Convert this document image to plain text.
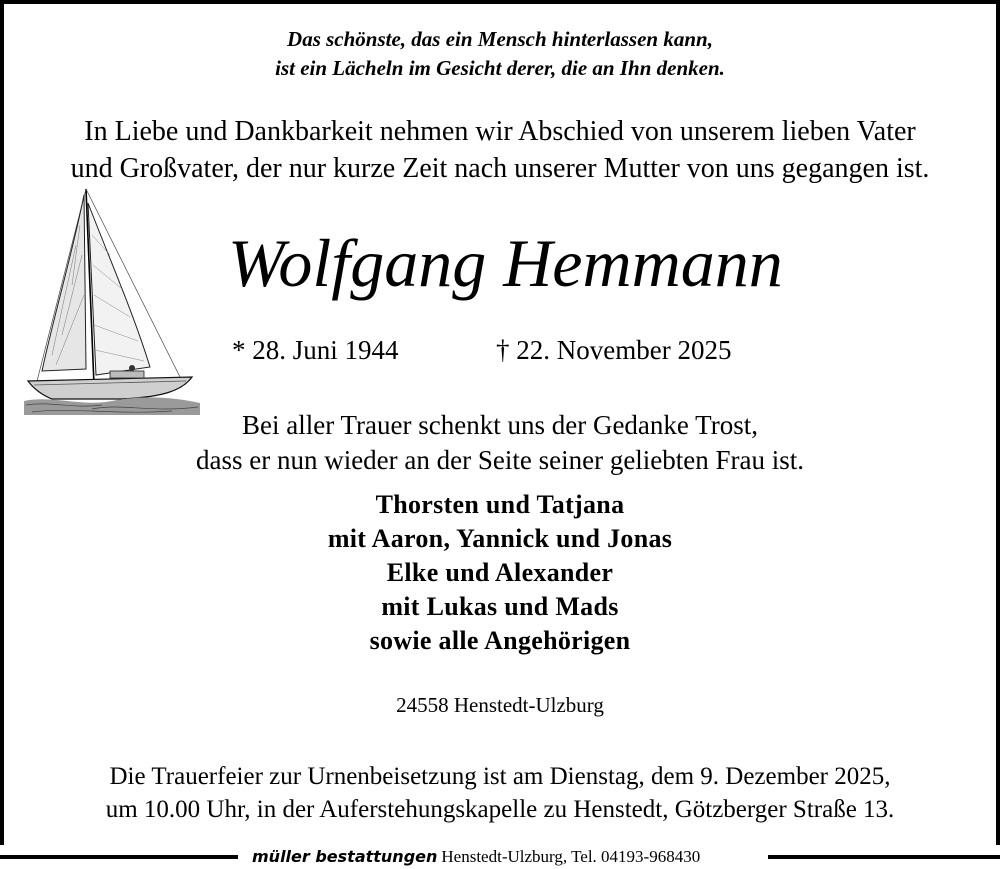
Das schönste, das ein Mensch hinterlassen kann,
ist ein Lächeln im Gesicht derer, die an Ihn denken.
In Liebe und Dankbarkeit nehmen wir Abschied von unserem lieben Vater
und Großvater, der nur kurze Zeit nach unserer Mutter von uns gegangen ist.
Wolfgang Hemmann
* 28. Juni 1944	† 22. November 2025
Bei aller Trauer schenkt uns der Gedanke Trost,
dass er nun wieder an der Seite seiner geliebten Frau ist.
Thorsten und Tatjana
mit Aaron, Yannick und Jonas
Elke und Alexander
mit Lukas und Mads
sowie alle Angehörigen
24558 Henstedt-Ulzburg
Die Trauerfeier zur Urnenbeisetzung ist am Dienstag, dem 9. Dezember 2025,
um 10.00 Uhr, in der Auferstehungskapelle zu Henstedt, Götzberger Straße 13.
müller bestattungen Henstedt-Ulzburg, Tel. 04193-968430
